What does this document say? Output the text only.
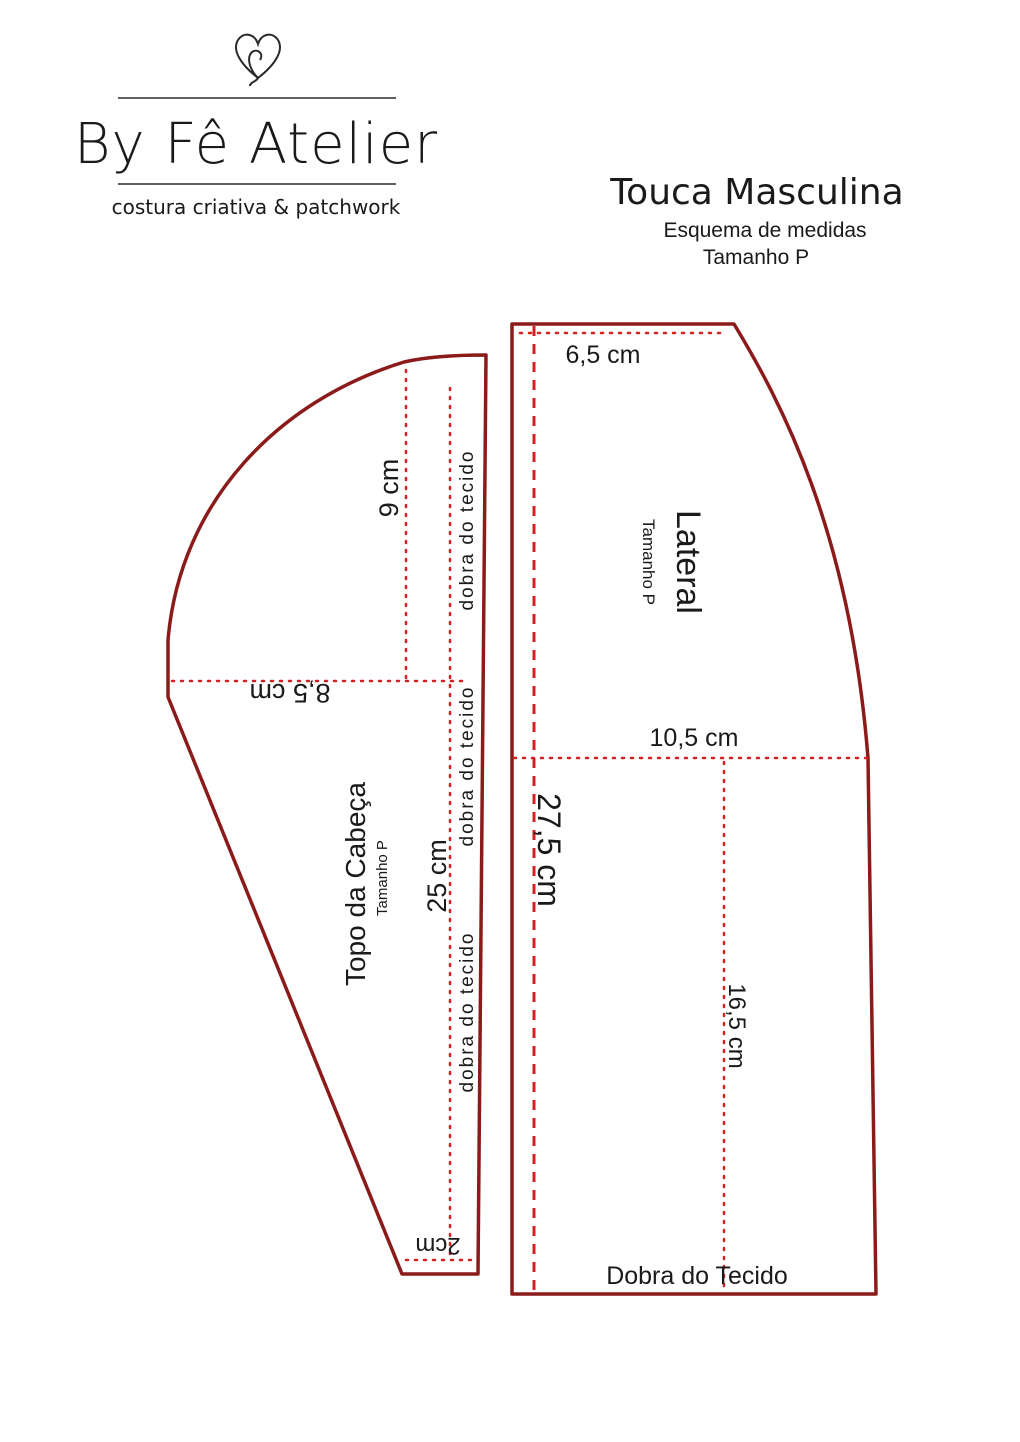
By Fê Atelier
costura criativa & patchwork	Touca Masculina
Esquema de medidas
Tamanho P
9 cm	dobra do tecido
8,5 cm	dobra do tecido
Topo da Cabeça Tamanho P 25 cm
dobra do tecido
2cm
6,5 cm
Lateral
Tamanho P
10,5 cm
27,5 cm
16,5 cm
Dobra do Tecido
